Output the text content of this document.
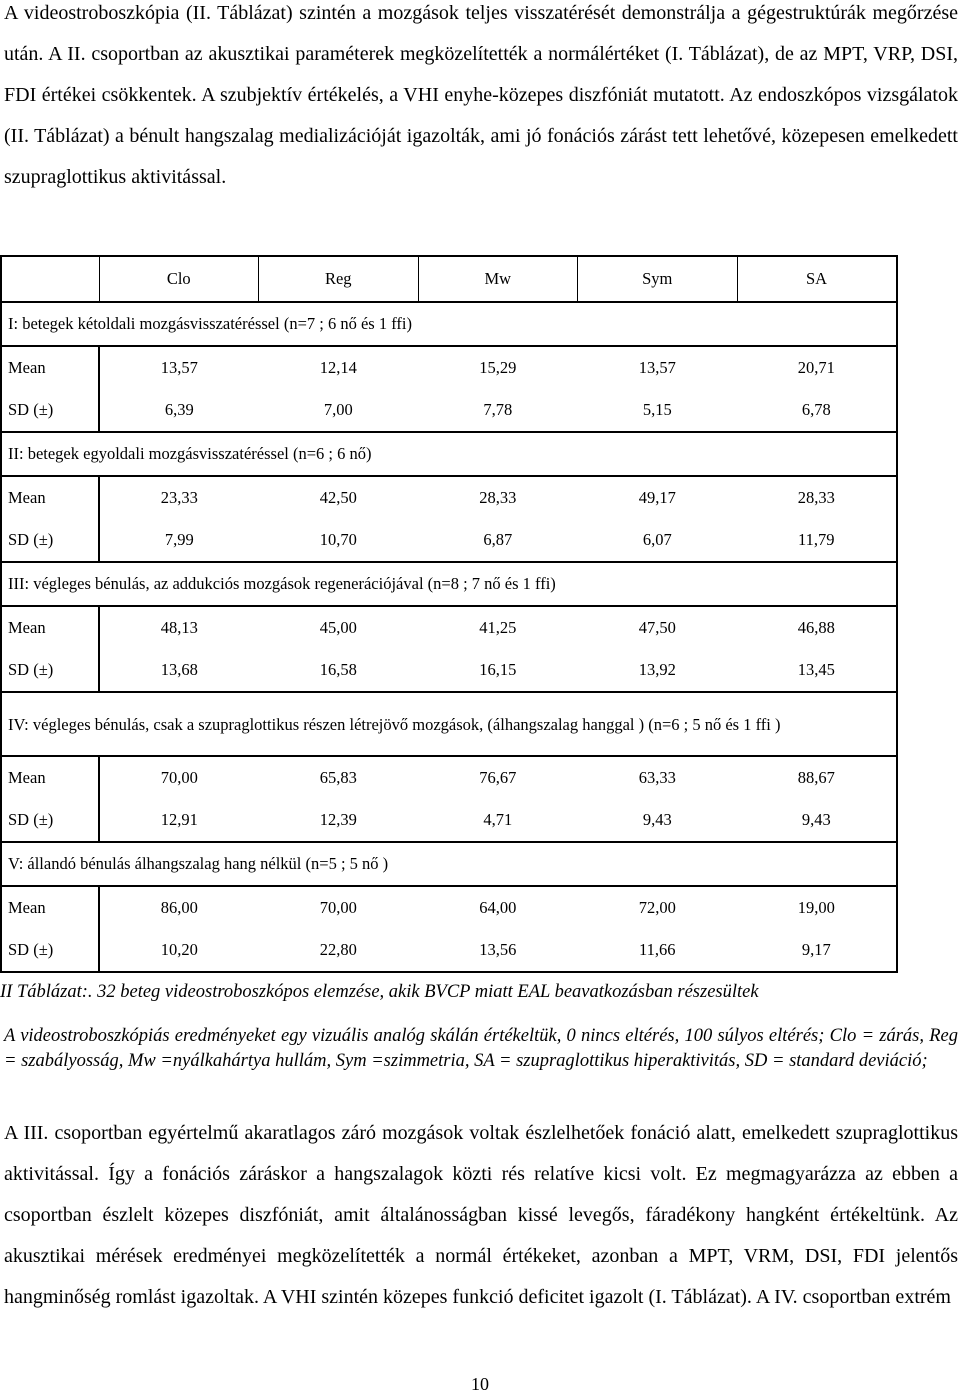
A videostroboszkópia (II. Táblázat) szintén a mozgások teljes visszatérését demonstrálja a gégestruktúrák megőrzése után. A II. csoportban az akusztikai paraméterek megközelítették a normálértéket (I. Táblázat), de az MPT, VRP, DSI, FDI értékei csökkentek. A szubjektív értékelés, a VHI enyhe-közepes diszfóniát mutatott. Az endoszkópos vizsgálatok (II. Táblázat) a bénult hangszalag medializációját igazolták, ami jó fonációs zárást tett lehetővé, közepesen emelkedett szupraglottikus aktivitással.

	Clo	Reg	Mw	Sym	SA
I: betegek kétoldali mozgásvisszatéréssel (n=7 ; 6 nő és 1 ffi)					
Mean	13,57	12,14	15,29	13,57	20,71
SD (±)	6,39	7,00	7,78	5,15	6,78
II: betegek egyoldali mozgásvisszatéréssel (n=6 ; 6 nő)					
Mean	23,33	42,50	28,33	49,17	28,33
SD (±)	7,99	10,70	6,87	6,07	11,79
III: végleges bénulás, az addukciós mozgások regenerációjával (n=8 ; 7 nő és 1 ffi)					
Mean	48,13	45,00	41,25	47,50	46,88
SD (±)	13,68	16,58	16,15	13,92	13,45
IV: végleges bénulás, csak a szupraglottikus részen létrejövő mozgások, (álhangszalag hanggal ) (n=6 ; 5 nő és 1 ffi )					
Mean	70,00	65,83	76,67	63,33	88,67
SD (±)	12,91	12,39	4,71	9,43	9,43
V: állandó bénulás álhangszalag hang nélkül (n=5 ; 5 nő )					
Mean	86,00	70,00	64,00	72,00	19,00
SD (±)	10,20	22,80	13,56	11,66	9,17

II Táblázat:. 32 beteg videostroboszkópos elemzése, akik BVCP miatt EAL beavatkozásban részesültek

A videostroboszkópiás eredményeket egy vizuális analóg skálán értékeltük, 0 nincs eltérés, 100 súlyos eltérés; Clo = zárás, Reg = szabályosság, Mw =nyálkahártya hullám, Sym =szimmetria, SA = szupraglottikus hiperaktivitás, SD = standard deviáció;

A III. csoportban egyértelmű akaratlagos záró mozgások voltak észlelhetőek fonáció alatt, emelkedett szupraglottikus aktivitással. Így a fonációs záráskor a hangszalagok közti rés relatíve kicsi volt. Ez megmagyarázza az ebben a csoportban észlelt közepes diszfóniát, amit általánosságban kissé levegős, fáradékony hangként értékeltünk. Az akusztikai mérések eredményei megközelítették a normál értékeket, azonban a MPT, VRM, DSI, FDI jelentős hangminőség romlást igazoltak. A VHI szintén közepes funkció deficitet igazolt (I. Táblázat). A IV. csoportban extrém

10
